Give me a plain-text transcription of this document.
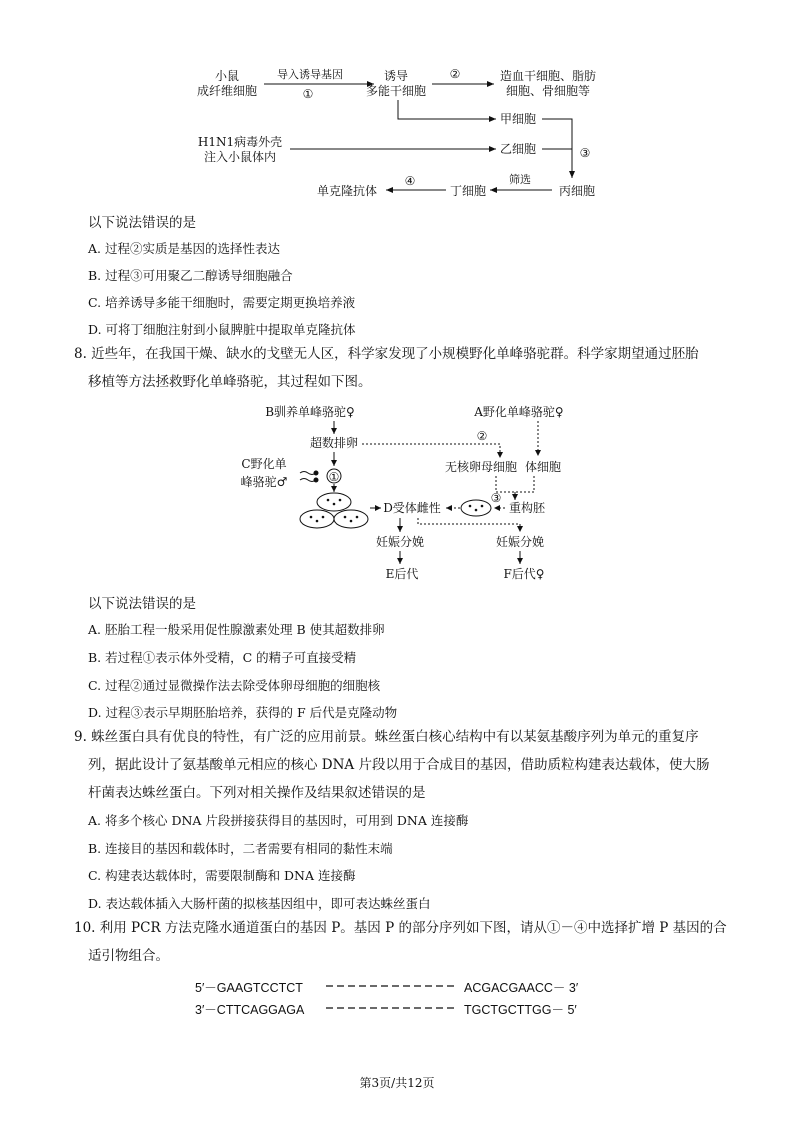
小鼠
成纤维细胞
导入诱导基因
①
诱导
多能干细胞
②	造血干细胞、脂肪
细胞、骨细胞等
甲细胞
H1N1病毒外壳
注入小鼠体内
乙细胞	③
丙细胞
筛选
丁细胞
④
单克隆抗体
以下说法错误的是
A. 过程②实质是基因的选择性表达
B. 过程③可用聚乙二醇诱导细胞融合
C. 培养诱导多能干细胞时，需要定期更换培养液
D. 可将丁细胞注射到小鼠脾脏中提取单克隆抗体
8. 近些年，在我国干燥、缺水的戈壁无人区，科学家发现了小规模野化单峰骆驼群。科学家期望通过胚胎
移植等方法拯救野化单峰骆驼，其过程如下图。
B驯养单峰骆驼♀	A野化单峰骆驼♀
超数排卵	②
无核卵母细胞 体细胞
C野化单
峰骆驼♂	①
D受体雌性	重构胚
③
妊娠分娩	妊娠分娩
E后代	F后代♀
以下说法错误的是
A. 胚胎工程一般采用促性腺激素处理 B 使其超数排卵
B. 若过程①表示体外受精，C 的精子可直接受精
C. 过程②通过显微操作法去除受体卵母细胞的细胞核
D. 过程③表示早期胚胎培养，获得的 F 后代是克隆动物
9. 蛛丝蛋白具有优良的特性，有广泛的应用前景。蛛丝蛋白核心结构中有以某氨基酸序列为单元的重复序
列，据此设计了氨基酸单元相应的核心 DNA 片段以用于合成目的基因，借助质粒构建表达载体，使大肠
杆菌表达蛛丝蛋白。下列对相关操作及结果叙述错误的是
A. 将多个核心 DNA 片段拼接获得目的基因时，可用到 DNA 连接酶
B. 连接目的基因和载体时，二者需要有相同的黏性末端
C. 构建表达载体时，需要限制酶和 DNA 连接酶
D. 表达载体插入大肠杆菌的拟核基因组中，即可表达蛛丝蛋白
10. 利用 PCR 方法克隆水通道蛋白的基因 P。基因 P 的部分序列如下图，请从①－④中选择扩增 P 基因的合
适引物组合。
5′－GAAGTCCTCT	ACGACGAACC－ 3′
3′－CTTCAGGAGA	TGCTGCTTGG－ 5′
第3页/共12页
